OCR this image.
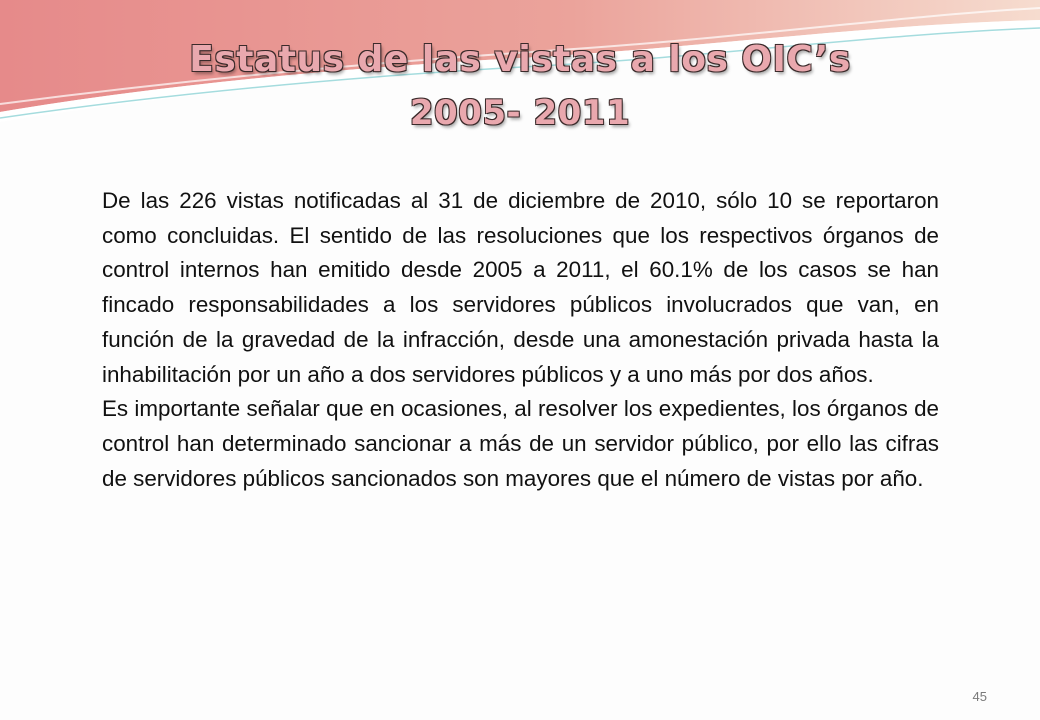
Estatus de las vistas a los OIC’s
2005- 2011

De las 226 vistas notificadas al 31 de diciembre de 2010, sólo 10 se reportaron como concluidas. El sentido de las resoluciones que los respectivos órganos de control internos han emitido desde 2005 a 2011, el 60.1% de los casos se han fincado responsabilidades a los servidores públicos involucrados que van, en función de la gravedad de la infracción, desde una amonestación privada hasta la inhabilitación por un año a dos servidores públicos y a uno más por dos años.

Es importante señalar que en ocasiones, al resolver los expedientes, los órganos de control han determinado sancionar a más de un servidor público, por ello las cifras de servidores públicos sancionados son mayores que el número de vistas por año.

45
